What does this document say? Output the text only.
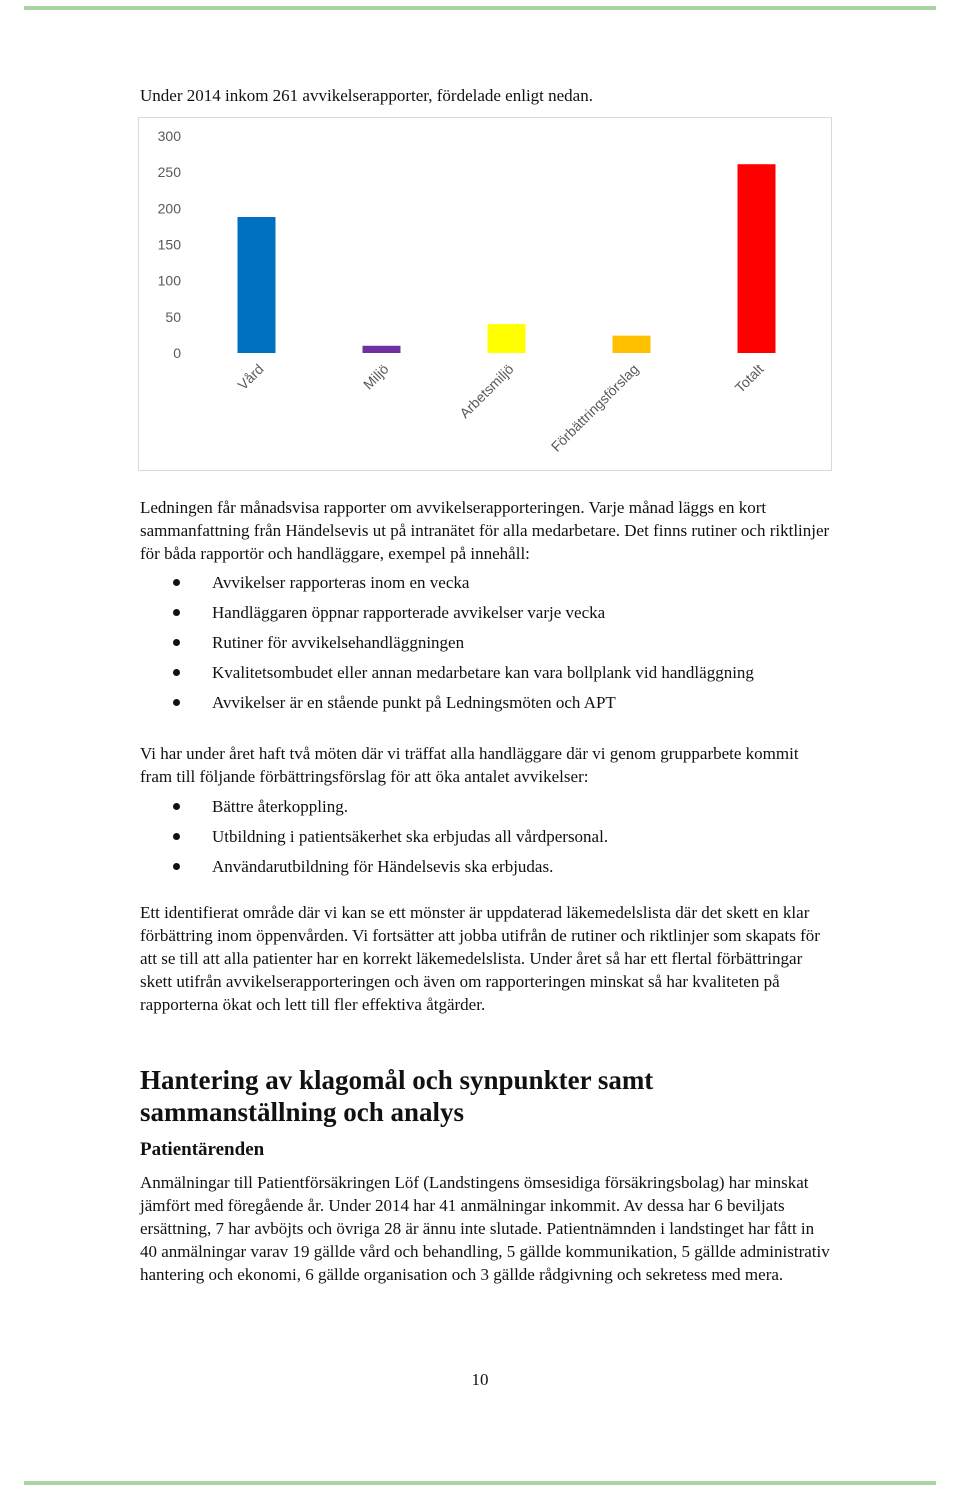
Under 2014 inkom 261 avvikelserapporter, fördelade enligt nedan.

0
50
100
150
200
250
300
Vård	Miljö	Arbetsmiljö Förbättringsförslag	Totalt

Ledningen får månadsvisa rapporter om avvikelserapporteringen. Varje månad läggs en kort sammanfattning från Händelsevis ut på intranätet för alla medarbetare. Det finns rutiner och riktlinjer för båda rapportör och handläggare, exempel på innehåll:

Avvikelser rapporteras inom en vecka
Handläggaren öppnar rapporterade avvikelser varje vecka
Rutiner för avvikelsehandläggningen
Kvalitetsombudet eller annan medarbetare kan vara bollplank vid handläggning
Avvikelser är en stående punkt på Ledningsmöten och APT

Vi har under året haft två möten där vi träffat alla handläggare där vi genom grupparbete kommit fram till följande förbättringsförslag för att öka antalet avvikelser:

Bättre återkoppling.
Utbildning i patientsäkerhet ska erbjudas all vårdpersonal.
Användarutbildning för Händelsevis ska erbjudas.

Ett identifierat område där vi kan se ett mönster är uppdaterad läkemedelslista där det skett en klar förbättring inom öppenvården. Vi fortsätter att jobba utifrån de rutiner och riktlinjer som skapats för att se till att alla patienter har en korrekt läkemedelslista. Under året så har ett flertal förbättringar skett utifrån avvikelserapporteringen och även om rapporteringen minskat så har kvaliteten på rapporterna ökat och lett till fler effektiva åtgärder.

Hantering av klagomål och synpunkter samt sammanställning och analys
Patientärenden

Anmälningar till Patientförsäkringen Löf (Landstingens ömsesidiga försäkringsbolag) har minskat jämfört med föregående år. Under 2014 har 41 anmälningar inkommit. Av dessa har 6 beviljats ersättning, 7 har avböjts och övriga 28 är ännu inte slutade. Patientnämnden i landstinget har fått in 40 anmälningar varav 19 gällde vård och behandling, 5 gällde kommunikation, 5 gällde administrativ hantering och ekonomi, 6 gällde organisation och 3 gällde rådgivning och sekretess med mera.

10
